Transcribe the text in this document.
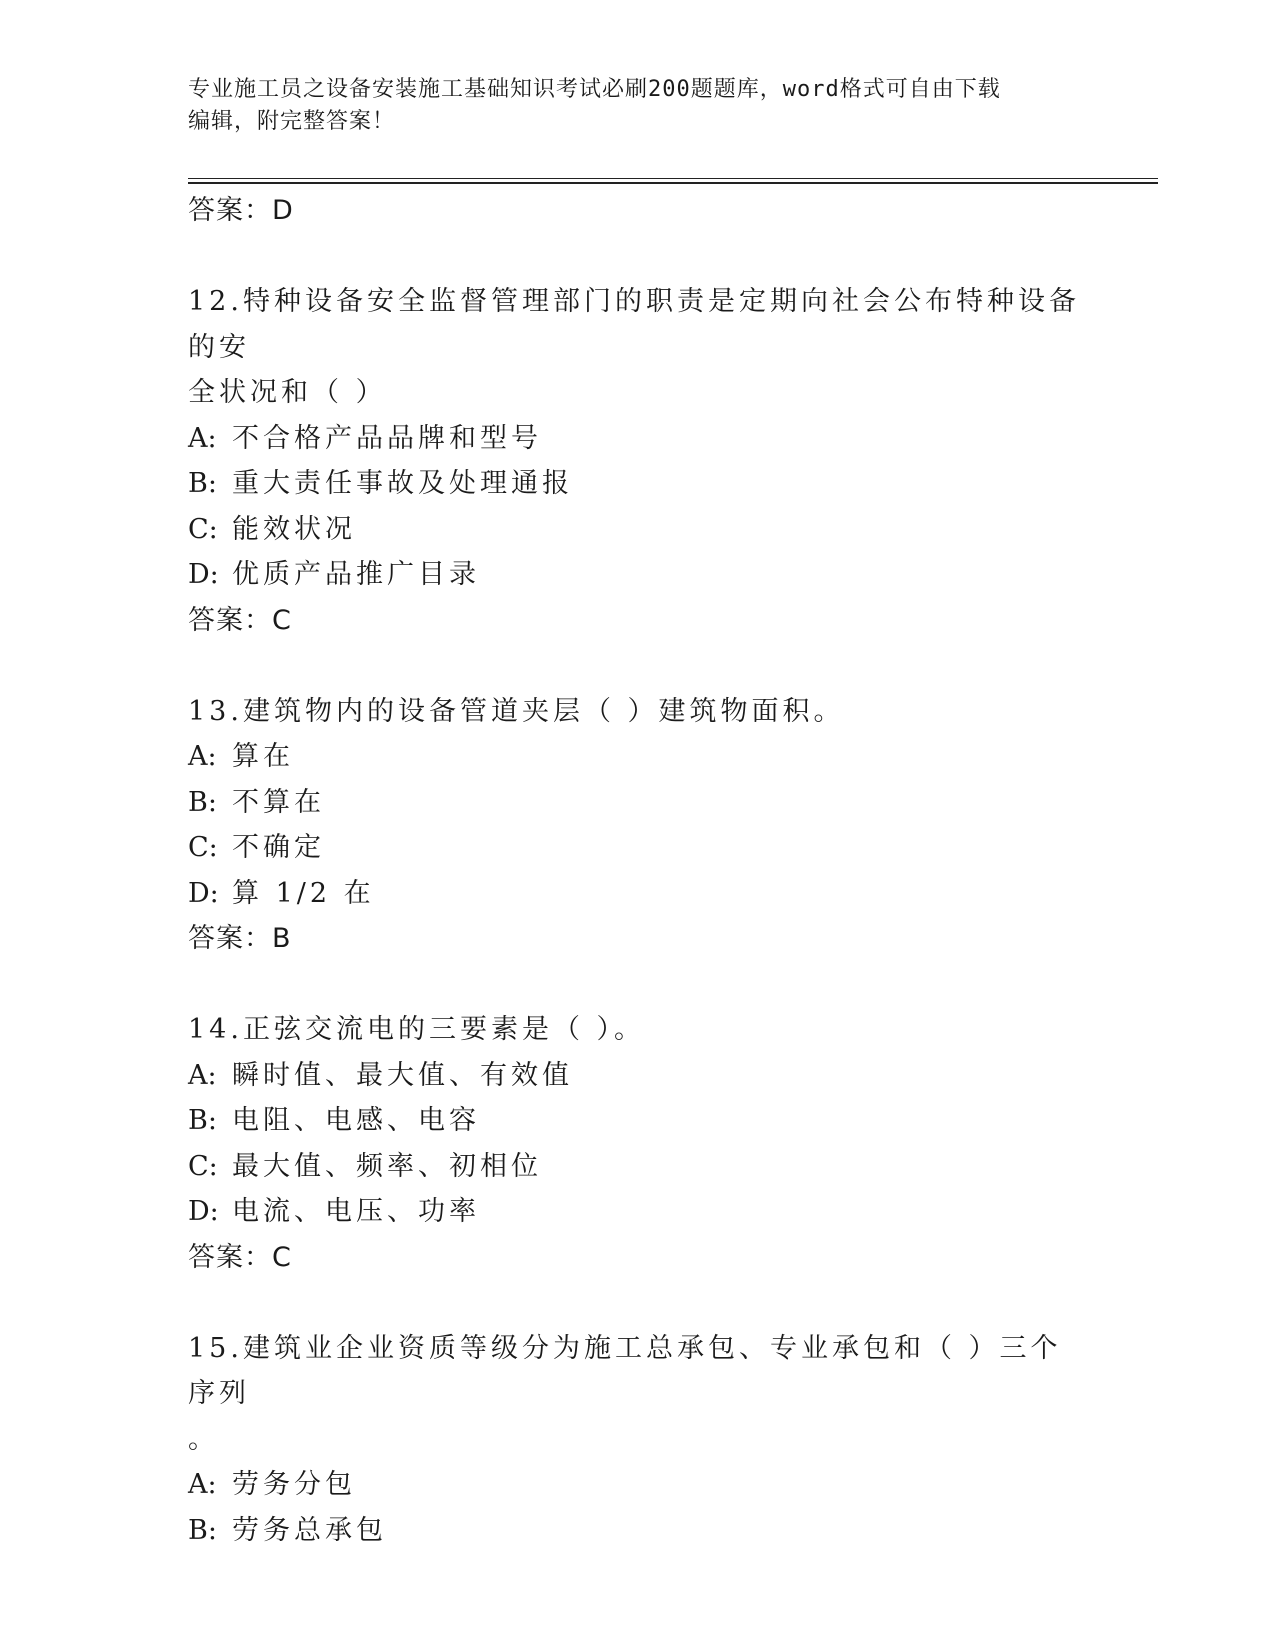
专业施工员之设备安装施工基础知识考试必刷200题题库，word格式可自由下载
编辑，附完整答案！
答案：D
12.特种设备安全监督管理部门的职责是定期向社会公布特种设备的安
全状况和（ ）
A: 不合格产品品牌和型号
B: 重大责任事故及处理通报
C: 能效状况
D: 优质产品推广目录
答案：C
13.建筑物内的设备管道夹层（ ）建筑物面积。
A: 算在
B: 不算在
C: 不确定
D: 算 1/2 在
答案：B
14.正弦交流电的三要素是（ ）。
A: 瞬时值、最大值、有效值
B: 电阻、电感、电容
C: 最大值、频率、初相位
D: 电流、电压、功率
答案：C
15.建筑业企业资质等级分为施工总承包、专业承包和（ ）三个序列
。
A: 劳务分包
B: 劳务总承包
